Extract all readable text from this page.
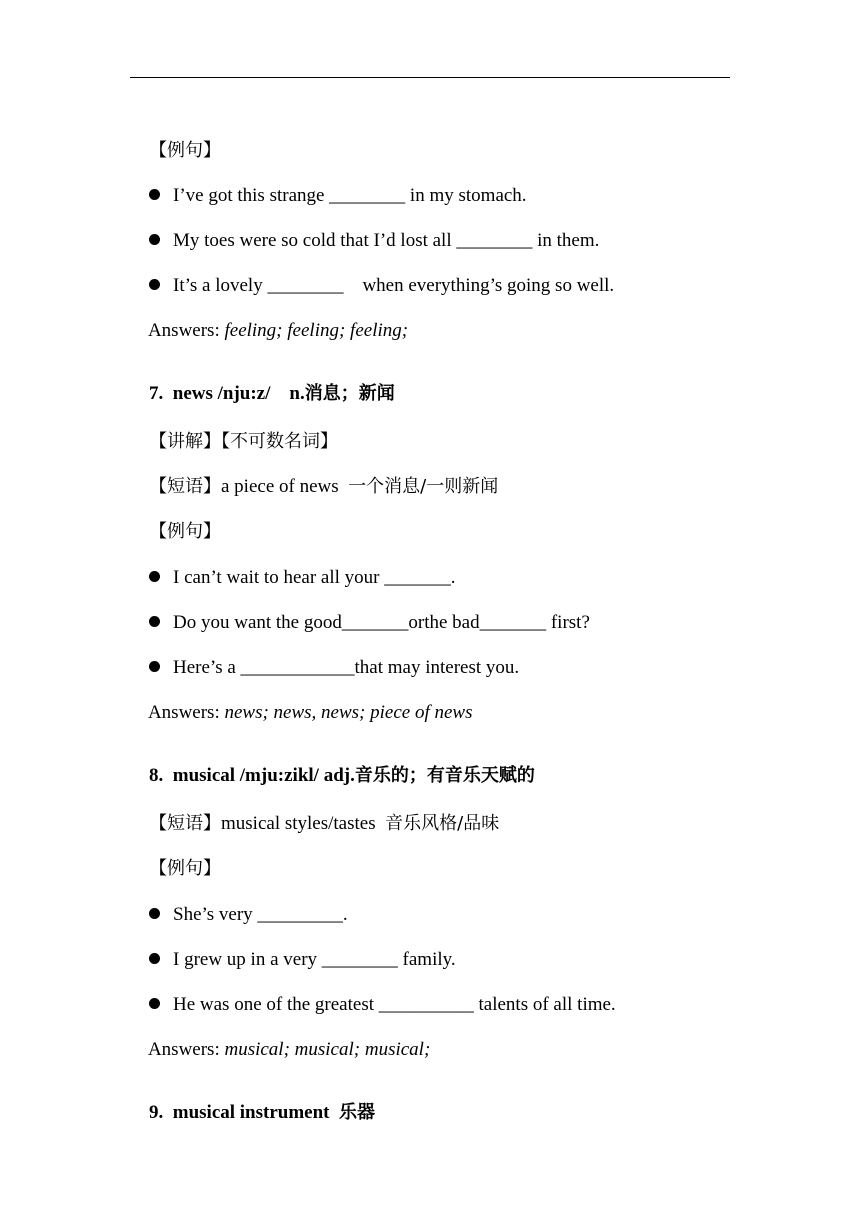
【例句】

I’ve got this strange ________ in my stomach.

My toes were so cold that I’d lost all ________ in them.

It’s a lovely ________    when everything’s going so well.

Answers: feeling; feeling; feeling;

7. news /nju:z/    n.消息；新闻

【讲解】【不可数名词】

【短语】a piece of news  一个消息/一则新闻

【例句】

I can’t wait to hear all your _______.

Do you want the good_______orthe bad_______ first?

Here’s a ____________that may interest you.

Answers: news; news, news; piece of news

8. musical /mju:zikl/ adj.音乐的；有音乐天赋的

【短语】musical styles/tastes  音乐风格/品味

【例句】

She’s very _________.

I grew up in a very ________ family.

He was one of the greatest __________ talents of all time.

Answers: musical; musical; musical;

9. musical instrument  乐器
